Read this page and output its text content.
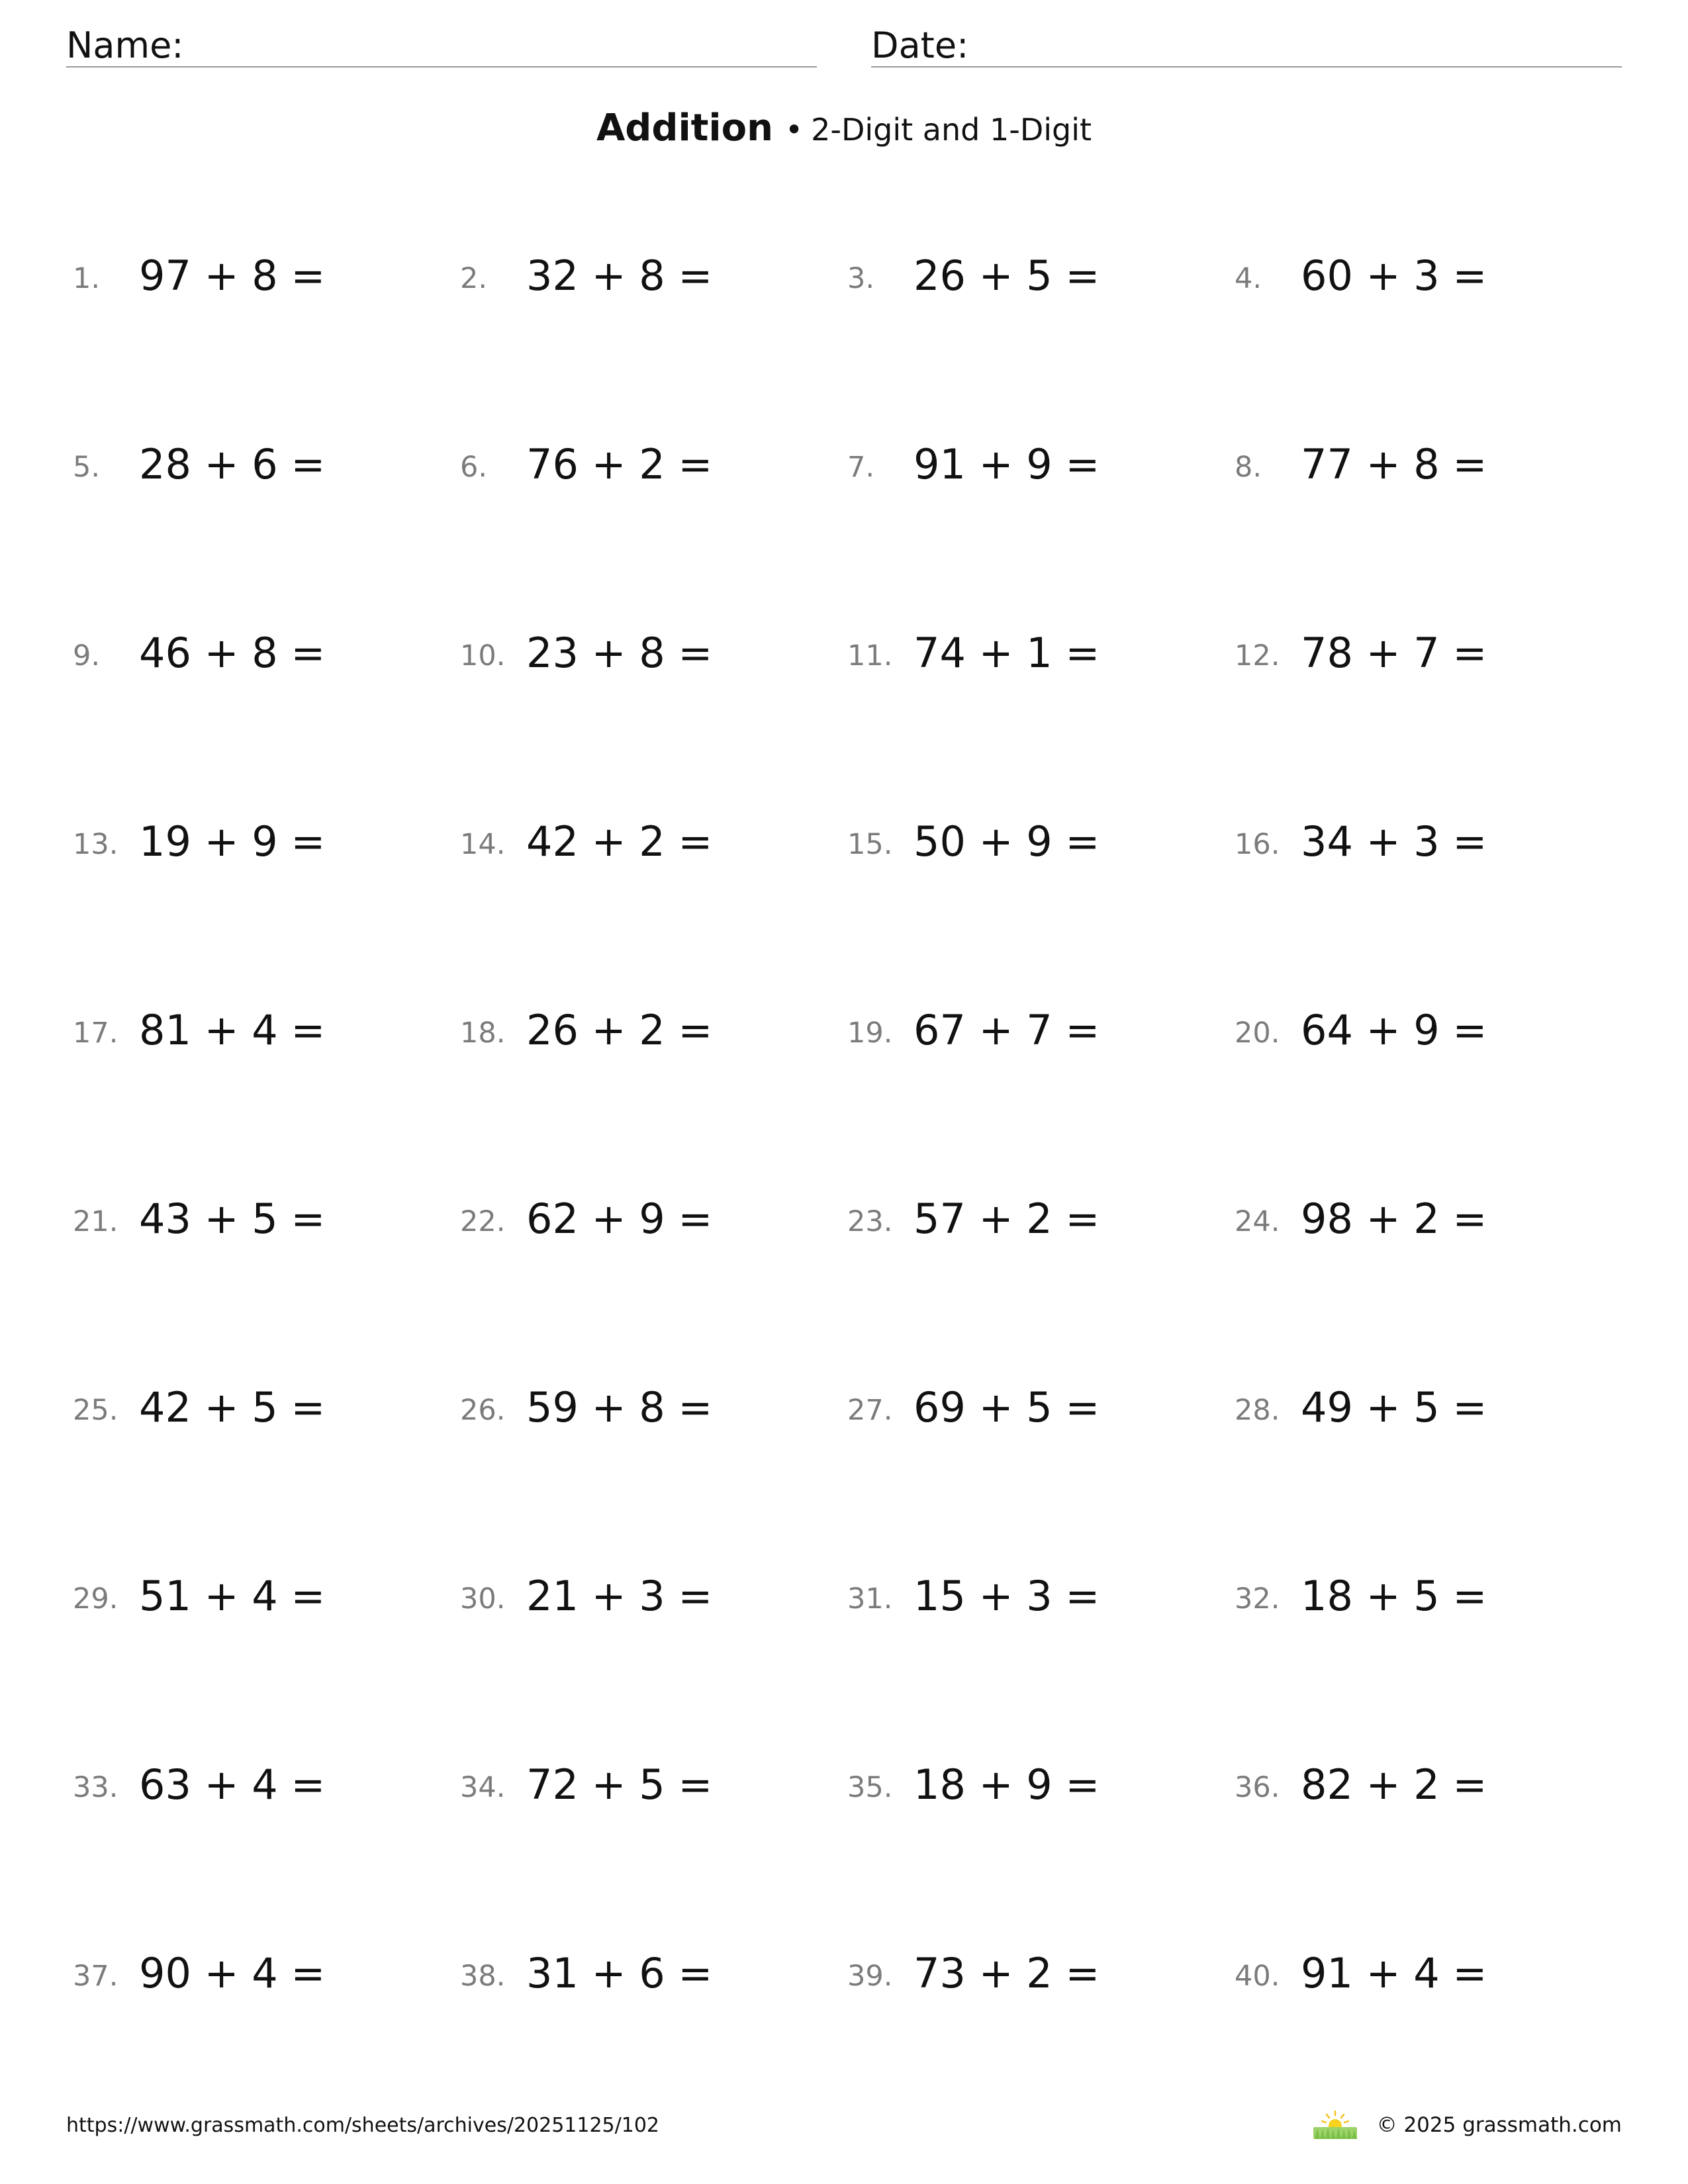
Name:	Date:
Addition • 2-Digit and 1-Digit
1. 97 + 8 =	2. 32 + 8 =	3. 26 + 5 =	4. 60 + 3 =
5. 28 + 6 =	6. 76 + 2 =	7. 91 + 9 =	8. 77 + 8 =
9. 46 + 8 =	10. 23 + 8 =	11. 74 + 1 =	12. 78 + 7 =
13. 19 + 9 =	14. 42 + 2 =	15. 50 + 9 =	16. 34 + 3 =
17. 81 + 4 =	18. 26 + 2 =	19. 67 + 7 =	20. 64 + 9 =
21. 43 + 5 =	22. 62 + 9 =	23. 57 + 2 =	24. 98 + 2 =
25. 42 + 5 =	26. 59 + 8 =	27. 69 + 5 =	28. 49 + 5 =
29. 51 + 4 =	30. 21 + 3 =	31. 15 + 3 =	32. 18 + 5 =
33. 63 + 4 =	34. 72 + 5 =	35. 18 + 9 =	36. 82 + 2 =
37. 90 + 4 =	38. 31 + 6 =	39. 73 + 2 =	40. 91 + 4 =
https://www.grassmath.com/sheets/archives/20251125/102	© 2025 grassmath.com
